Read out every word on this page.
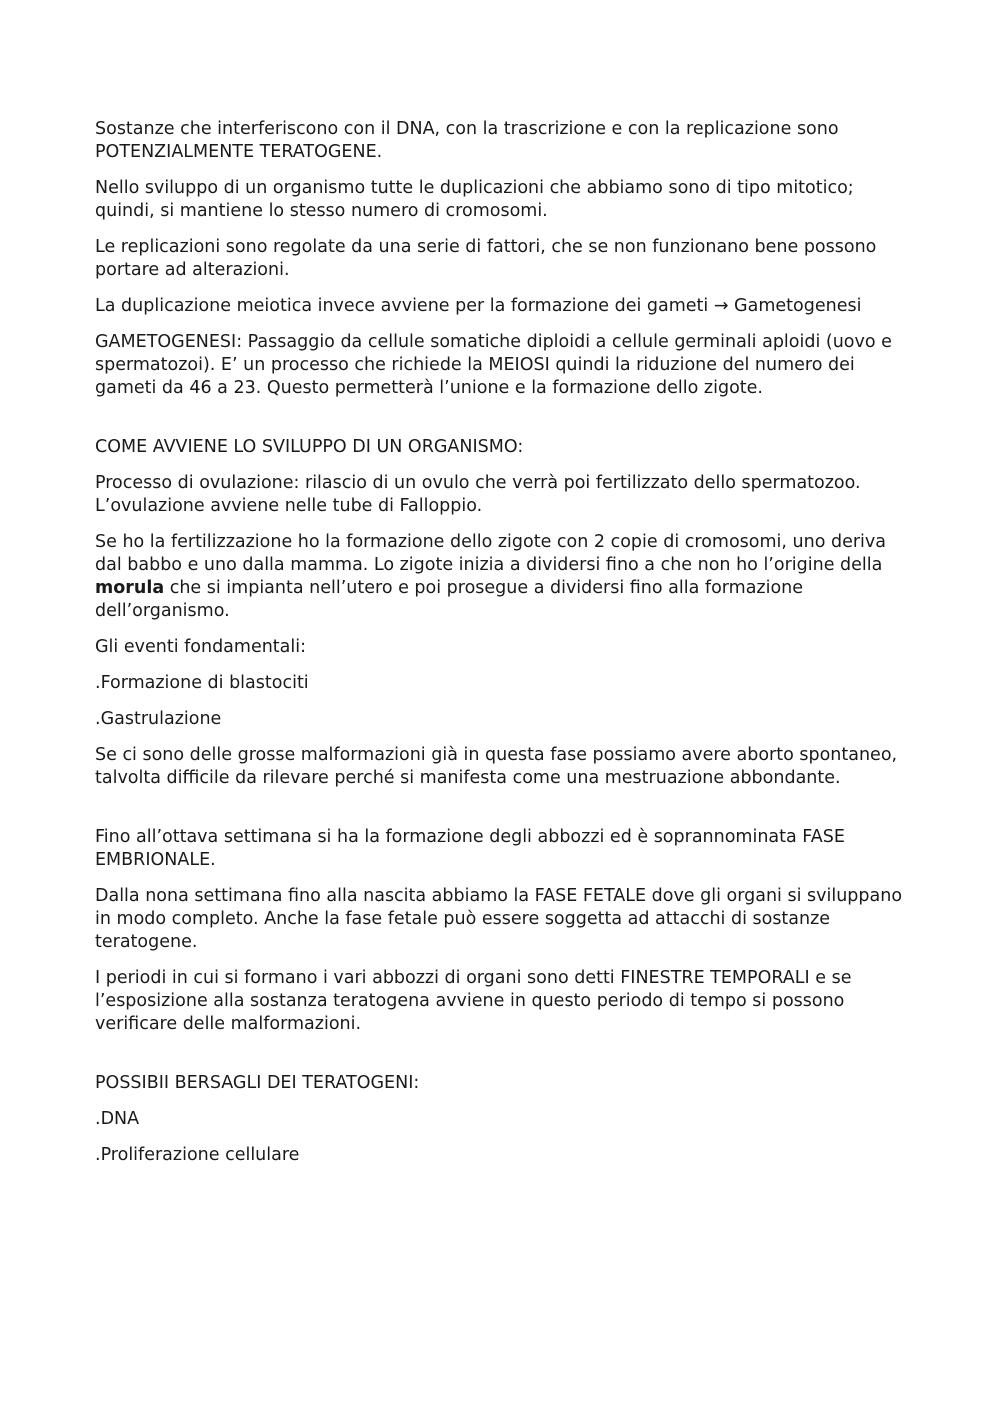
Sostanze che interferiscono con il DNA, con la trascrizione e con la replicazione sono POTENZIALMENTE TERATOGENE.

Nello sviluppo di un organismo tutte le duplicazioni che abbiamo sono di tipo mitotico; quindi, si mantiene lo stesso numero di cromosomi.

Le replicazioni sono regolate da una serie di fattori, che se non funzionano bene possono portare ad alterazioni.

La duplicazione meiotica invece avviene per la formazione dei gameti → Gametogenesi

GAMETOGENESI: Passaggio da cellule somatiche diploidi a cellule germinali aploidi (uovo e spermatozoi). E’ un processo che richiede la MEIOSI quindi la riduzione del numero dei gameti da 46 a 23. Questo permetterà l’unione e la formazione dello zigote.

COME AVVIENE LO SVILUPPO DI UN ORGANISMO:

Processo di ovulazione: rilascio di un ovulo che verrà poi fertilizzato dello spermatozoo. L’ovulazione avviene nelle tube di Falloppio.

Se ho la fertilizzazione ho la formazione dello zigote con 2 copie di cromosomi, uno deriva dal babbo e uno dalla mamma. Lo zigote inizia a dividersi fino a che non ho l’origine della morula che si impianta nell’utero e poi prosegue a dividersi fino alla formazione dell’organismo.

Gli eventi fondamentali:

.Formazione di blastociti

.Gastrulazione

Se ci sono delle grosse malformazioni già in questa fase possiamo avere aborto spontaneo, talvolta difficile da rilevare perché si manifesta come una mestruazione abbondante.

Fino all’ottava settimana si ha la formazione degli abbozzi ed è soprannominata FASE EMBRIONALE.

Dalla nona settimana fino alla nascita abbiamo la FASE FETALE dove gli organi si sviluppano in modo completo. Anche la fase fetale può essere soggetta ad attacchi di sostanze teratogene.

I periodi in cui si formano i vari abbozzi di organi sono detti FINESTRE TEMPORALI e se l’esposizione alla sostanza teratogena avviene in questo periodo di tempo si possono verificare delle malformazioni.

POSSIBII BERSAGLI DEI TERATOGENI:

.DNA

.Proliferazione cellulare
